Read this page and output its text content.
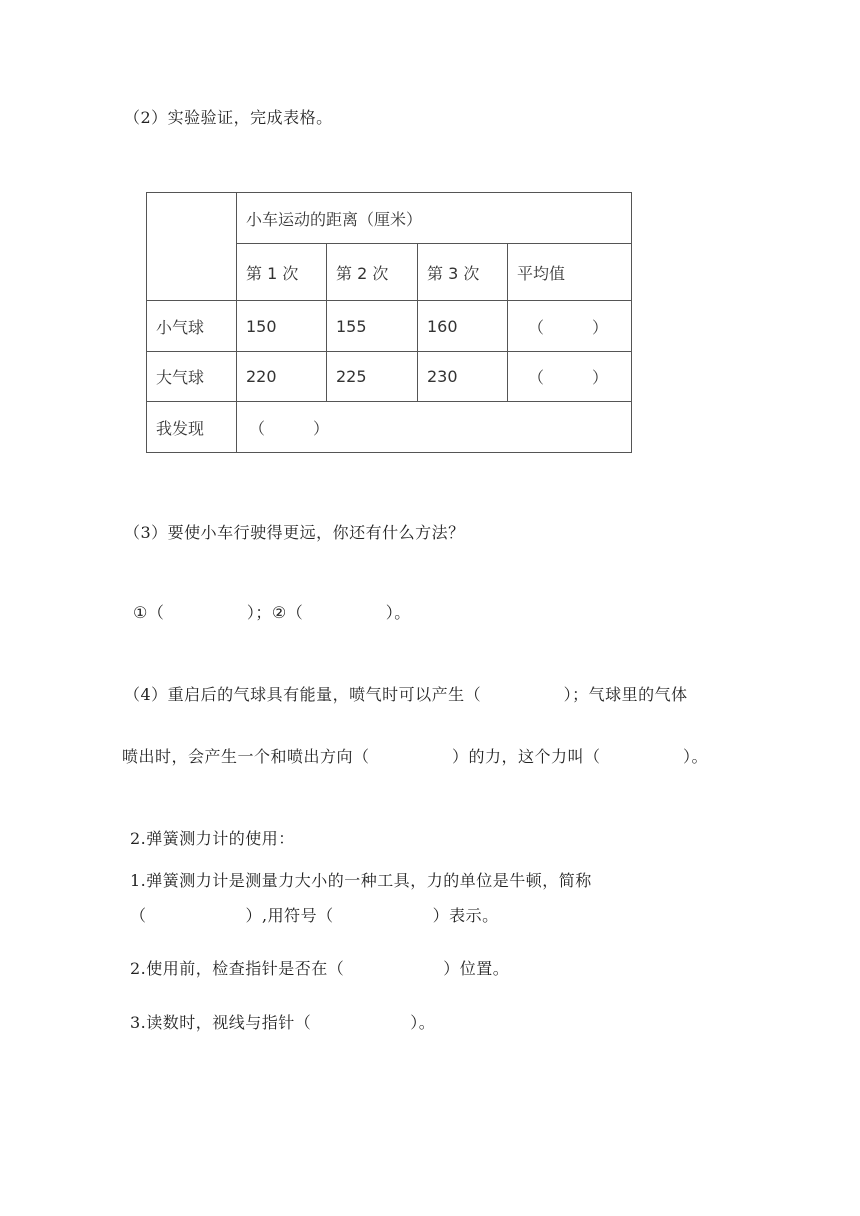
（2）实验验证，完成表格。
	小车运动的距离（厘米）			
	第 1 次	第 2 次	第 3 次	平均值
小气球	150	155	160	（　　　）
大气球	220	225	230	（　　　）
我发现	（　　　）			
（3）要使小车行驶得更远，你还有什么方法？
①（　　　　　）；②（　　　　　）。
（4）重启后的气球具有能量，喷气时可以产生（　　　　　）；气球里的气体
喷出时，会产生一个和喷出方向（　　　　　）的力，这个力叫（　　　　　）。
2.弹簧测力计的使用：
1.弹簧测力计是测量力大小的一种工具，力的单位是牛顿，简称
（　　　　　　）,用符号（　　　　　　）表示。
2.使用前，检查指针是否在（　　　　　　）位置。
3.读数时，视线与指针（　　　　　　）。
